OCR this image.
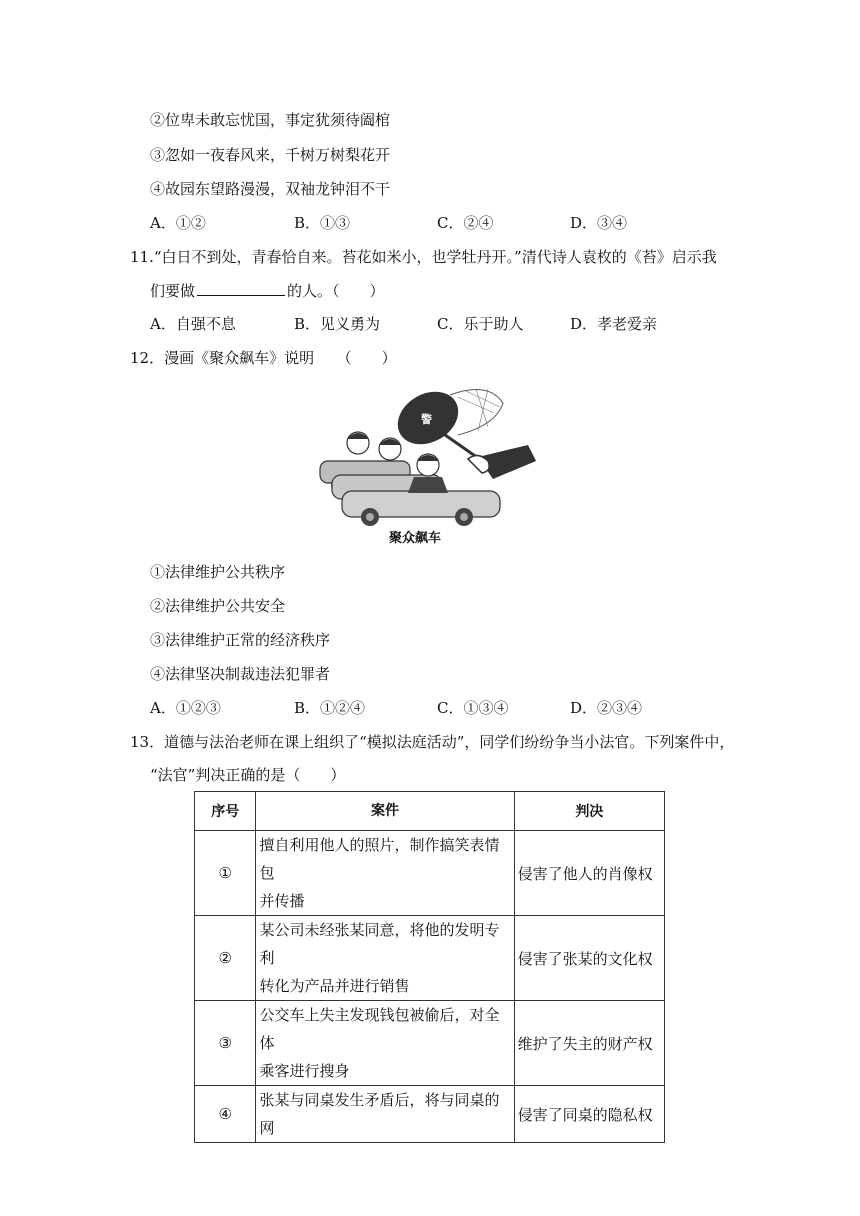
②位卑未敢忘忧国，事定犹须待阖棺
③忽如一夜春风来，千树万树梨花开
④故园东望路漫漫，双袖龙钟泪不干
A．①②	B．①③	C．②④	D．③④
11.“白日不到处，青春恰自来。苔花如米小，也学牡丹开。”清代诗人袁枚的《苔》启示我
们要做	的人。（　　）
A．自强不息	B．见义勇为	C．乐于助人	D．孝老爱亲
12．漫画《聚众飙车》说明　　（　　）
警
聚众飙车
①法律维护公共秩序
②法律维护公共安全
③法律维护正常的经济秩序
④法律坚决制裁违法犯罪者
A．①②③	B．①②④	C．①③④	D．②③④
13．道德与法治老师在课上组织了“模拟法庭活动”，同学们纷纷争当小法官。下列案件中，
“法官”判决正确的是（　　）
序号	案件	判决
①	擅自利用他人的照片，制作搞笑表情包
并传播	侵害了他人的肖像权
②	某公司未经张某同意，将他的发明专利
转化为产品并进行销售	侵害了张某的文化权
③	公交车上失主发现钱包被偷后，对全体
乘客进行搜身	维护了失主的财产权
④	张某与同桌发生矛盾后，将与同桌的网	侵害了同桌的隐私权
